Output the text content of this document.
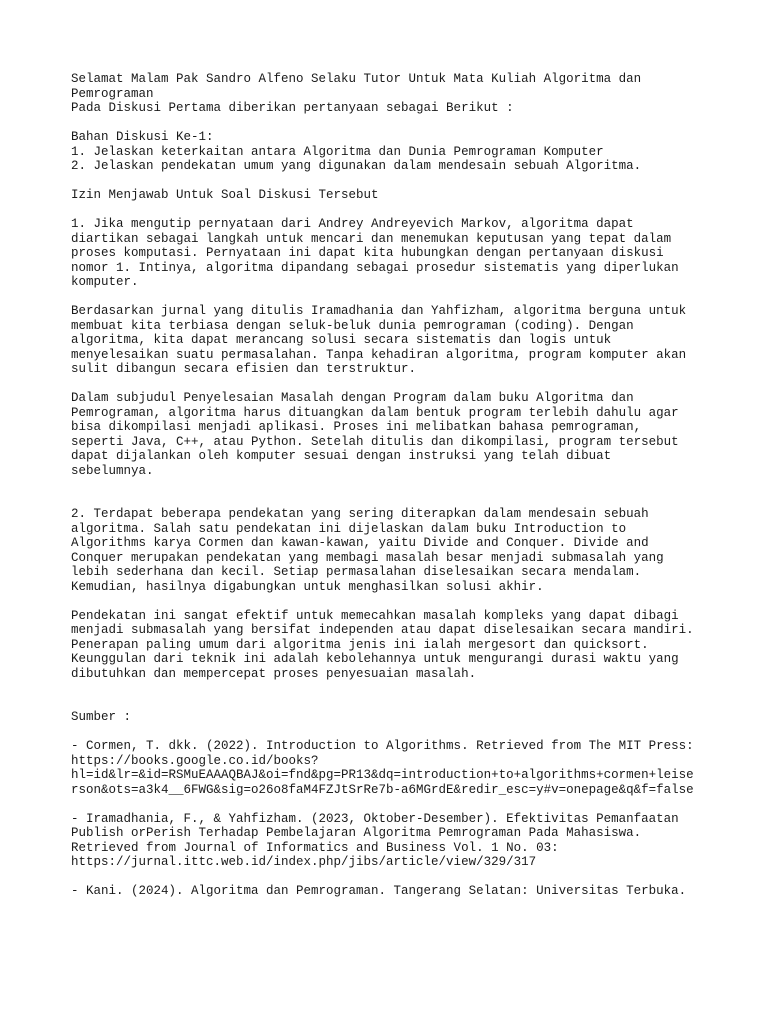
Selamat Malam Pak Sandro Alfeno Selaku Tutor Untuk Mata Kuliah Algoritma dan
Pemrograman
Pada Diskusi Pertama diberikan pertanyaan sebagai Berikut :
Bahan Diskusi Ke-1:
1. Jelaskan keterkaitan antara Algoritma dan Dunia Pemrograman Komputer
2. Jelaskan pendekatan umum yang digunakan dalam mendesain sebuah Algoritma.
Izin Menjawab Untuk Soal Diskusi Tersebut
1. Jika mengutip pernyataan dari Andrey Andreyevich Markov, algoritma dapat
diartikan sebagai langkah untuk mencari dan menemukan keputusan yang tepat dalam
proses komputasi. Pernyataan ini dapat kita hubungkan dengan pertanyaan diskusi
nomor 1. Intinya, algoritma dipandang sebagai prosedur sistematis yang diperlukan
komputer.
Berdasarkan jurnal yang ditulis Iramadhania dan Yahfizham, algoritma berguna untuk
membuat kita terbiasa dengan seluk-beluk dunia pemrograman (coding). Dengan
algoritma, kita dapat merancang solusi secara sistematis dan logis untuk
menyelesaikan suatu permasalahan. Tanpa kehadiran algoritma, program komputer akan
sulit dibangun secara efisien dan terstruktur.
Dalam subjudul Penyelesaian Masalah dengan Program dalam buku Algoritma dan
Pemrograman, algoritma harus dituangkan dalam bentuk program terlebih dahulu agar
bisa dikompilasi menjadi aplikasi. Proses ini melibatkan bahasa pemrograman,
seperti Java, C++, atau Python. Setelah ditulis dan dikompilasi, program tersebut
dapat dijalankan oleh komputer sesuai dengan instruksi yang telah dibuat
sebelumnya.
2. Terdapat beberapa pendekatan yang sering diterapkan dalam mendesain sebuah
algoritma. Salah satu pendekatan ini dijelaskan dalam buku Introduction to
Algorithms karya Cormen dan kawan-kawan, yaitu Divide and Conquer. Divide and
Conquer merupakan pendekatan yang membagi masalah besar menjadi submasalah yang
lebih sederhana dan kecil. Setiap permasalahan diselesaikan secara mendalam.
Kemudian, hasilnya digabungkan untuk menghasilkan solusi akhir.
Pendekatan ini sangat efektif untuk memecahkan masalah kompleks yang dapat dibagi
menjadi submasalah yang bersifat independen atau dapat diselesaikan secara mandiri.
Penerapan paling umum dari algoritma jenis ini ialah mergesort dan quicksort.
Keunggulan dari teknik ini adalah kebolehannya untuk mengurangi durasi waktu yang
dibutuhkan dan mempercepat proses penyesuaian masalah.
Sumber :
- Cormen, T. dkk. (2022). Introduction to Algorithms. Retrieved from The MIT Press:
https://books.google.co.id/books?
hl=id&lr=&id=RSMuEAAAQBAJ&oi=fnd&pg=PR13&dq=introduction+to+algorithms+cormen+leise
rson&ots=a3k4__6FWG&sig=o26o8faM4FZJtSrRe7b-a6MGrdE&redir_esc=y#v=onepage&q&f=false
- Iramadhania, F., & Yahfizham. (2023, Oktober-Desember). Efektivitas Pemanfaatan
Publish orPerish Terhadap Pembelajaran Algoritma Pemrograman Pada Mahasiswa.
Retrieved from Journal of Informatics and Business Vol. 1 No. 03:
https://jurnal.ittc.web.id/index.php/jibs/article/view/329/317
- Kani. (2024). Algoritma dan Pemrograman. Tangerang Selatan: Universitas Terbuka.
